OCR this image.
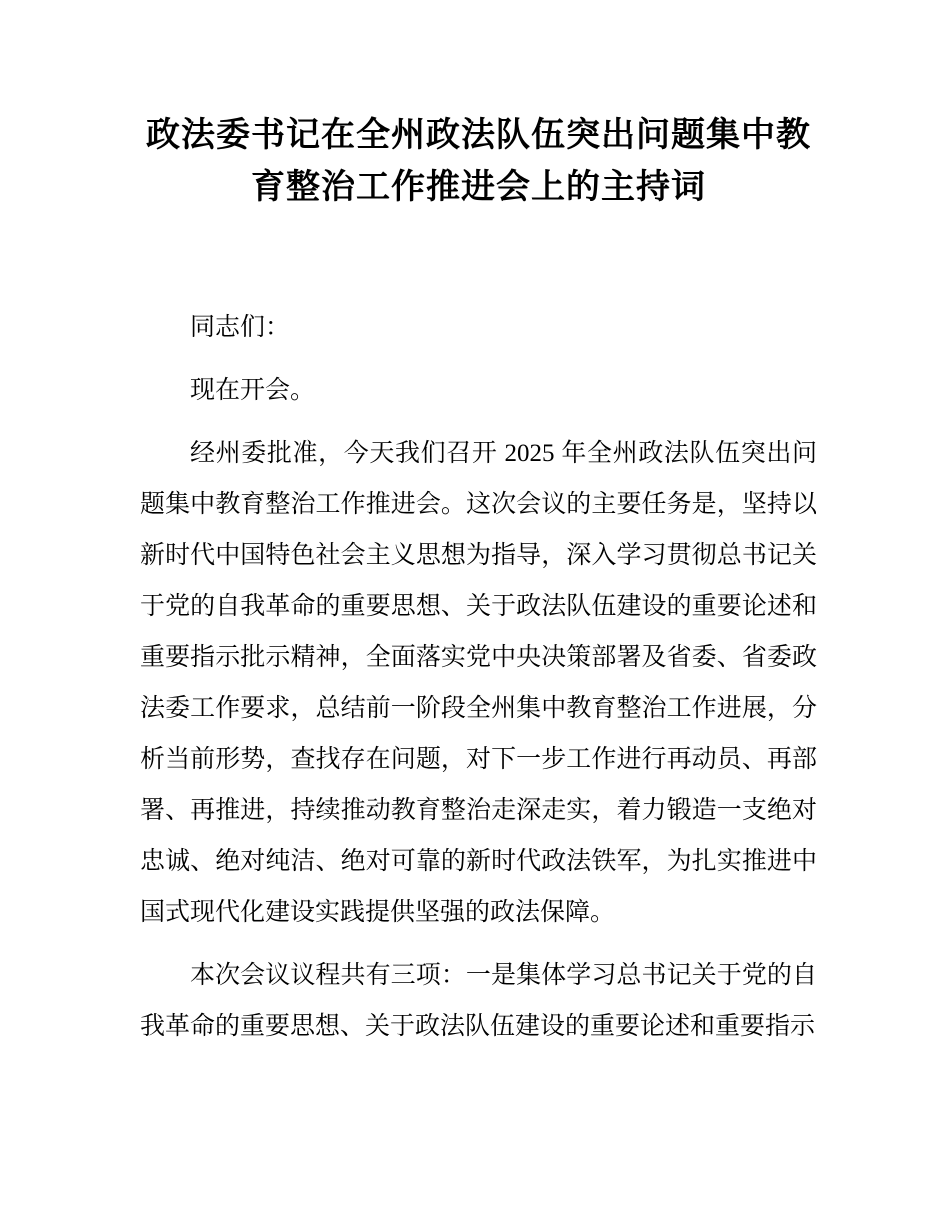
政法委书记在全州政法队伍突出问题集中教
育整治工作推进会上的主持词

同志们：

现在开会。

经州委批准，今天我们召开 2025 年全州政法队伍突出问题集中教育整治工作推进会。这次会议的主要任务是，坚持以新时代中国特色社会主义思想为指导，深入学习贯彻总书记关于党的自我革命的重要思想、关于政法队伍建设的重要论述和重要指示批示精神，全面落实党中央决策部署及省委、省委政法委工作要求，总结前一阶段全州集中教育整治工作进展，分析当前形势，查找存在问题，对下一步工作进行再动员、再部署、再推进，持续推动教育整治走深走实，着力锻造一支绝对忠诚、绝对纯洁、绝对可靠的新时代政法铁军，为扎实推进中国式现代化建设实践提供坚强的政法保障。

本次会议议程共有三项：一是集体学习总书记关于党的自我革命的重要思想、关于政法队伍建设的重要论述和重要指示
